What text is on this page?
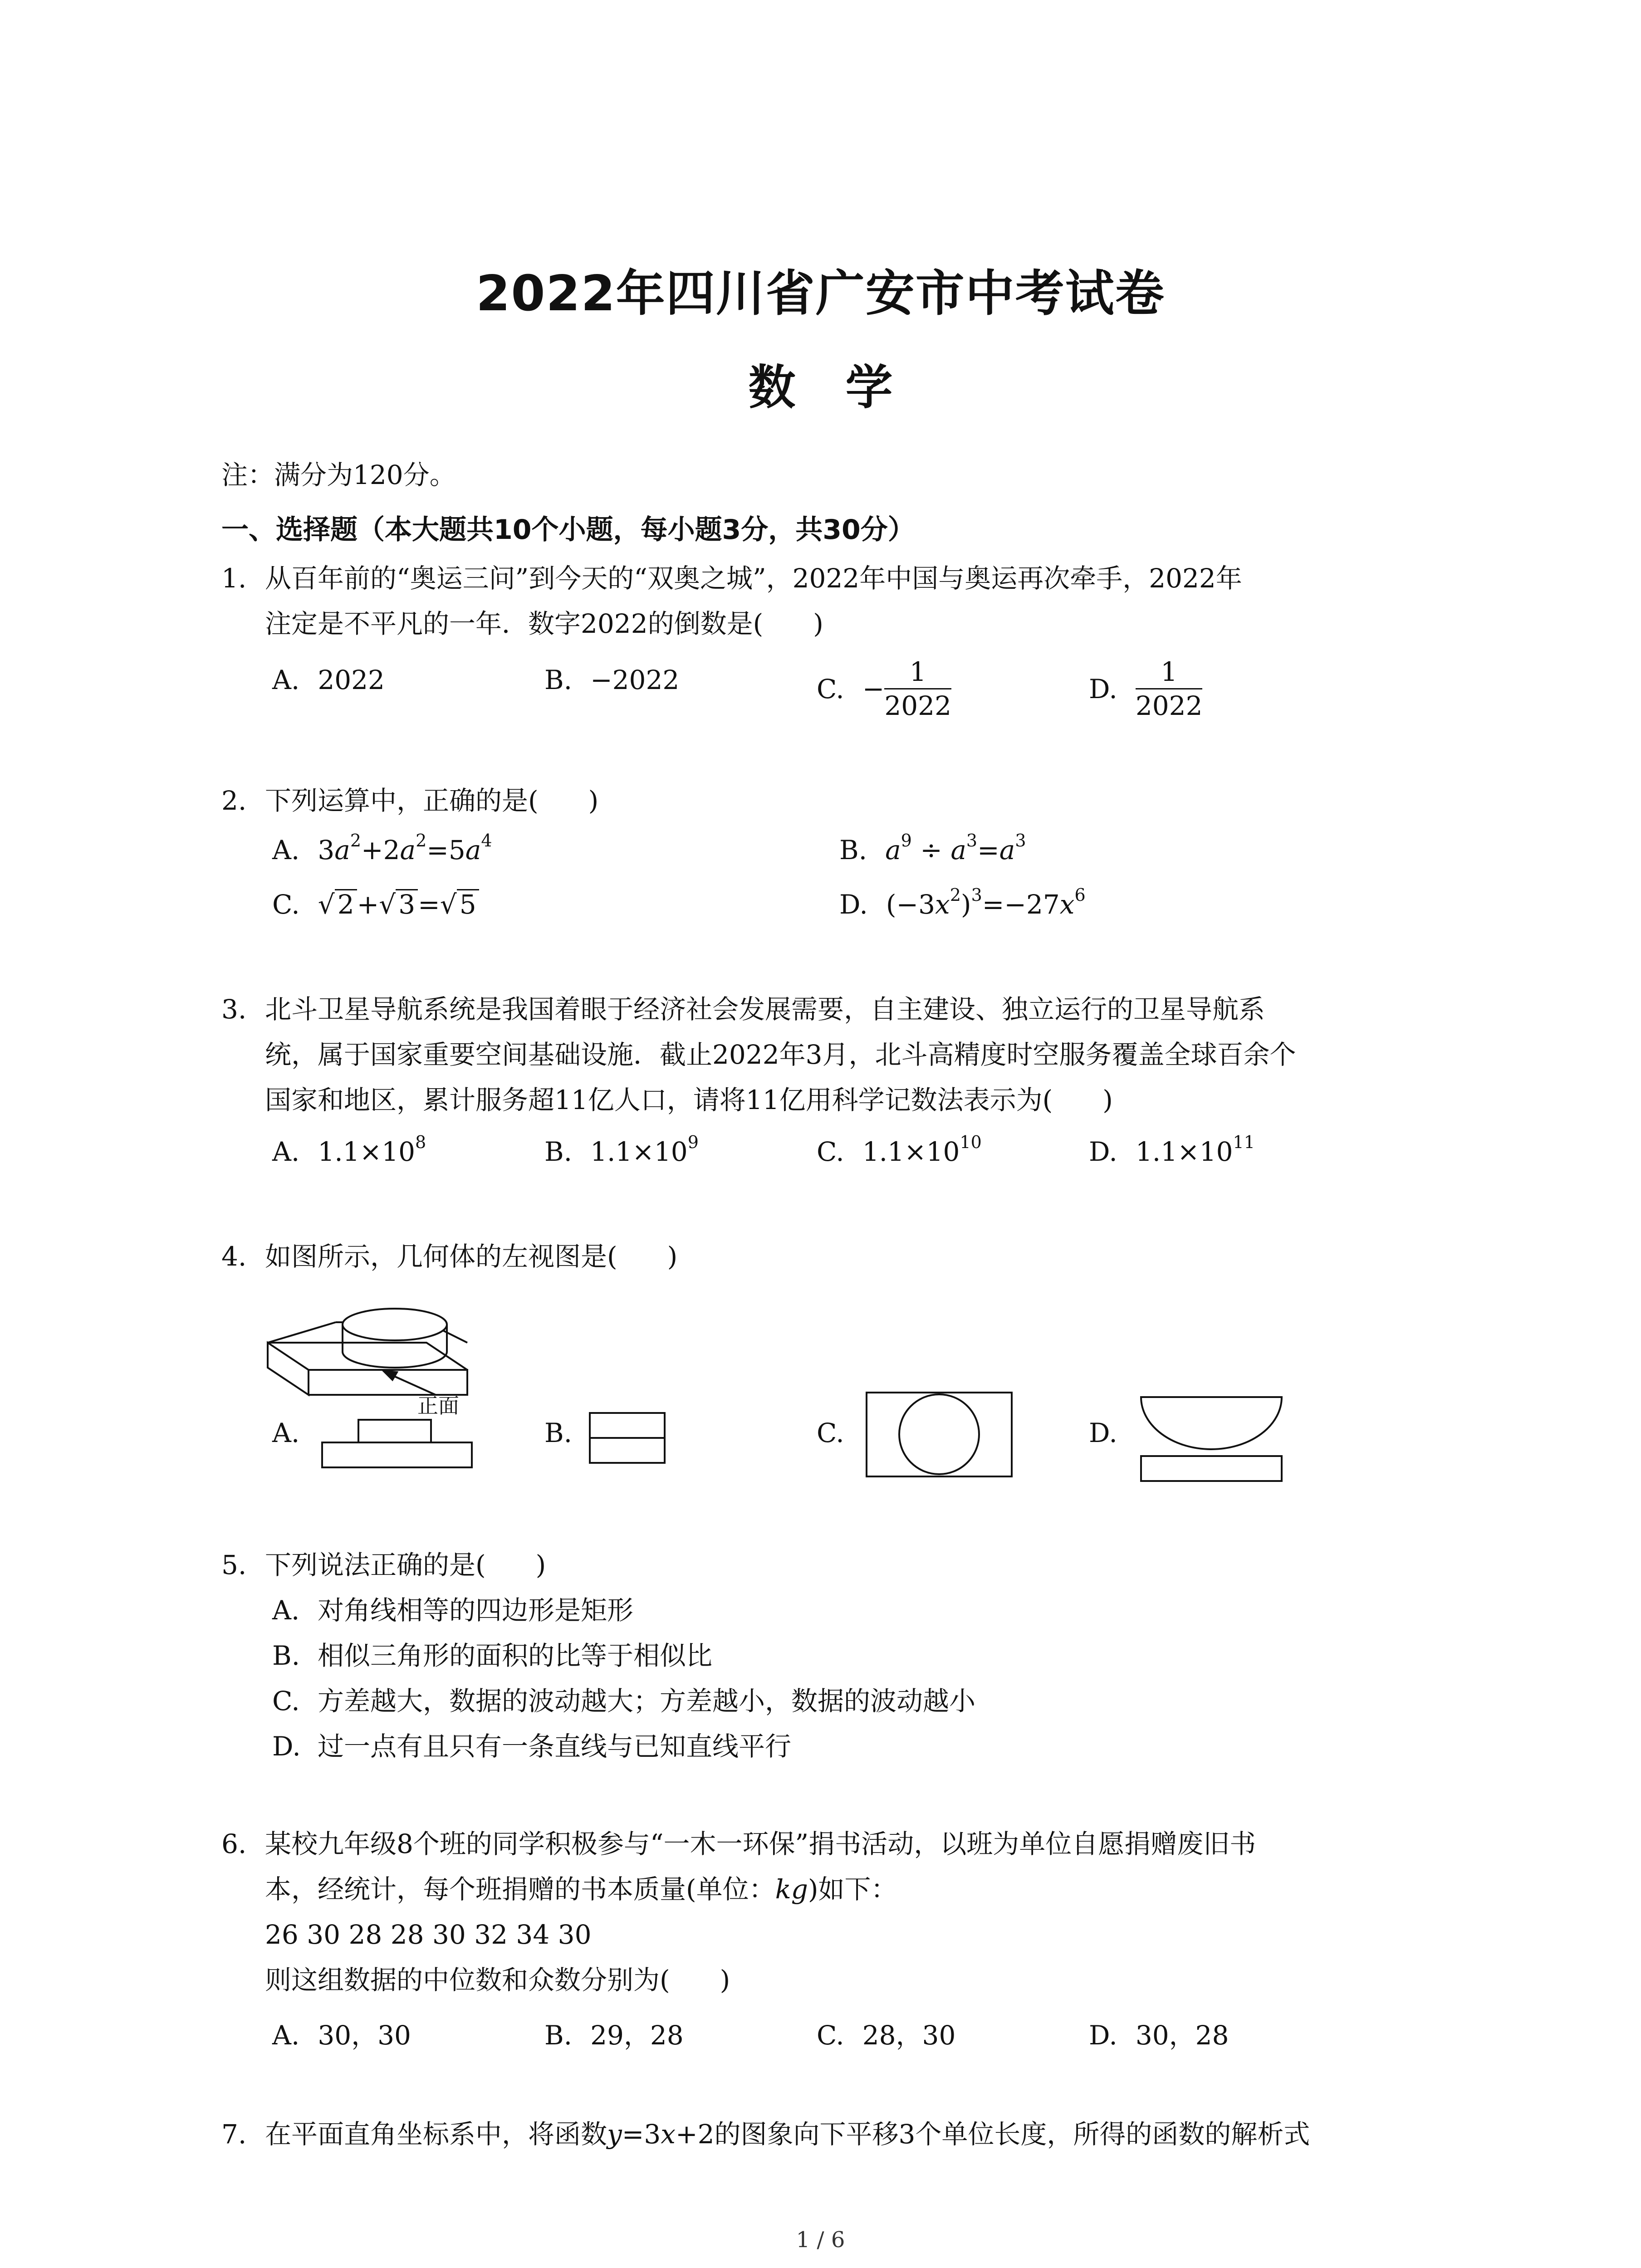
2022年四川省广安市中考试卷
数学
注：满分为120分。
一、选择题（本大题共10个小题，每小题3分，共30分）
1. 从百年前的“奥运三问”到今天的“双奥之城”，2022年中国与奥运再次牵手，2022年
注定是不平凡的一年．数字2022的倒数是( )
A. 2022	B. −2022	C. − $\frac{1}{2022}$	D. $\frac{1}{2022}$
2. 下列运算中，正确的是( )
A. $3a^2+2a^2=5a^4$	B. $a^9 \div a^3=a^3$
C. √ 2 +√ 3 =√ 5	D. $(-3x^2)^3=-27x^6$
3. 北斗卫星导航系统是我国着眼于经济社会发展需要，自主建设、独立运行的卫星导航系
统，属于国家重要空间基础设施．截止2022年3月，北斗高精度时空服务覆盖全球百余个
国家和地区，累计服务超11亿人口，请将11亿用科学记数法表示为( )
A. $1.1\times 10^8$	B. $1.1\times 10^9$	C. $1.1\times 10^{10}$	D. $1.1\times 10^{11}$
4. 如图所示，几何体的左视图是( )
正面
A.	B.	C.	D.
5. 下列说法正确的是( )
A. 对角线相等的四边形是矩形
B. 相似三角形的面积的比等于相似比
C. 方差越大，数据的波动越大；方差越小，数据的波动越小
D. 过一点有且只有一条直线与已知直线平行
6. 某校九年级8个班的同学积极参与“一木一环保”捐书活动，以班为单位自愿捐赠废旧书
本，经统计，每个班捐赠的书本质量(单位：kg)如下：
26 30 28 28 30 32 34 30
则这组数据的中位数和众数分别为( )
A. 30，30	B. 29，28	C. 28，30	D. 30，28
7. 在平面直角坐标系中，将函数y=3x+2的图象向下平移3个单位长度，所得的函数的解析式
1 / 6
